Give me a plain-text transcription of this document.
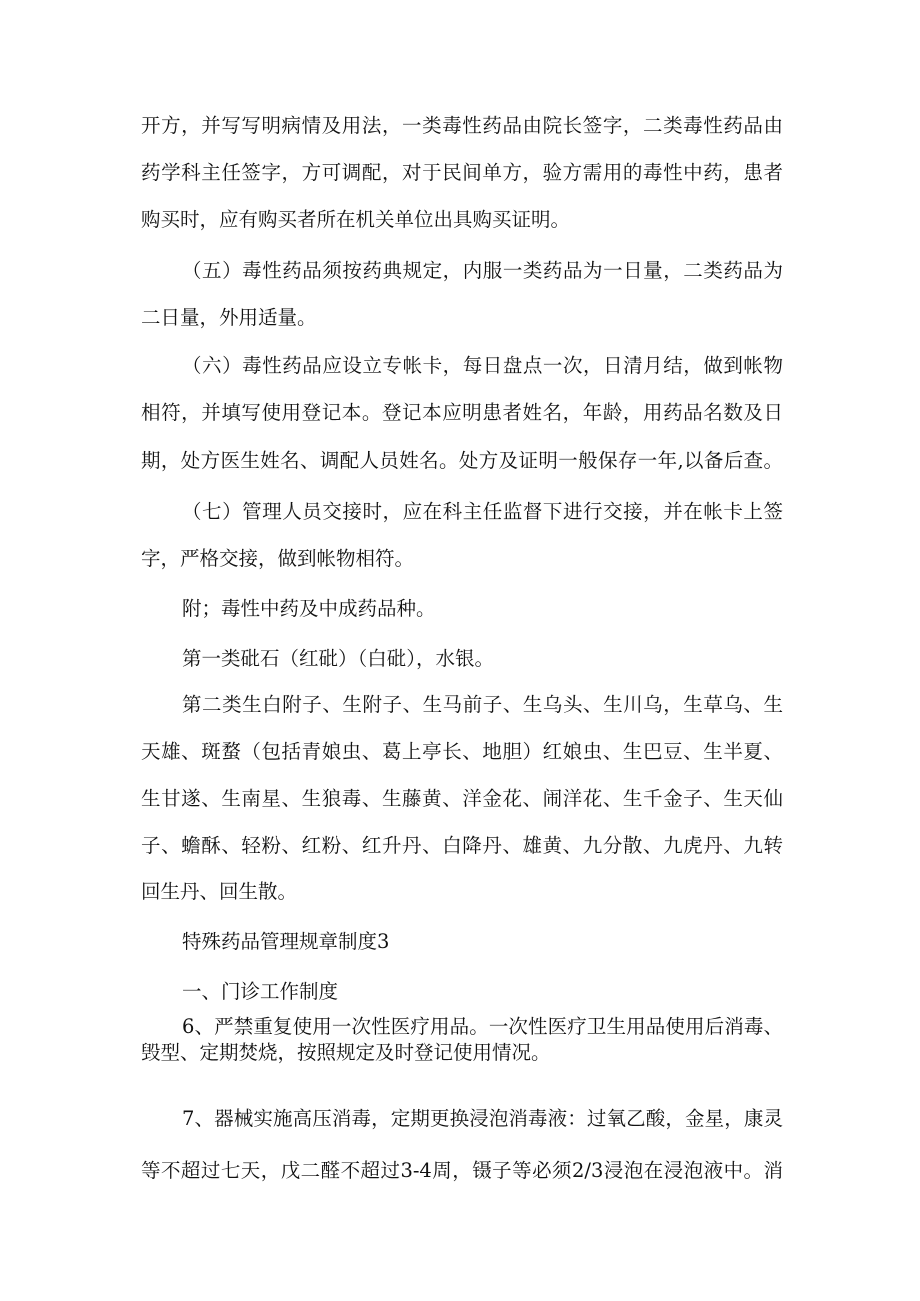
开方，并写写明病情及用法，一类毒性药品由院长签字，二类毒性药品由
药学科主任签字，方可调配，对于民间单方，验方需用的毒性中药，患者
购买时，应有购买者所在机关单位出具购买证明。
（五）毒性药品须按药典规定，内服一类药品为一日量，二类药品为
二日量，外用适量。
（六）毒性药品应设立专帐卡，每日盘点一次，日清月结，做到帐物
相符，并填写使用登记本。登记本应明患者姓名，年龄，用药品名数及日
期，处方医生姓名、调配人员姓名。处方及证明一般保存一年,以备后查。
（七）管理人员交接时，应在科主任监督下进行交接，并在帐卡上签
字，严格交接，做到帐物相符。
附；毒性中药及中成药品种。
第一类砒石（红砒）（白砒），水银。
第二类生白附子、生附子、生马前子、生乌头、生川乌，生草乌、生
天雄、斑蝥（包括青娘虫、葛上亭长、地胆）红娘虫、生巴豆、生半夏、
生甘遂、生南星、生狼毒、生藤黄、洋金花、闹洋花、生千金子、生天仙
子、蟾酥、轻粉、红粉、红升丹、白降丹、雄黄、九分散、九虎丹、九转
回生丹、回生散。
特殊药品管理规章制度3
一、门诊工作制度
6、严禁重复使用一次性医疗用品。一次性医疗卫生用品使用后消毒、
毁型、定期焚烧，按照规定及时登记使用情况。
7、器械实施高压消毒，定期更换浸泡消毒液：过氧乙酸，金星，康灵
等不超过七天，戊二醛不超过3-4周，镊子等必须2/3浸泡在浸泡液中。消
